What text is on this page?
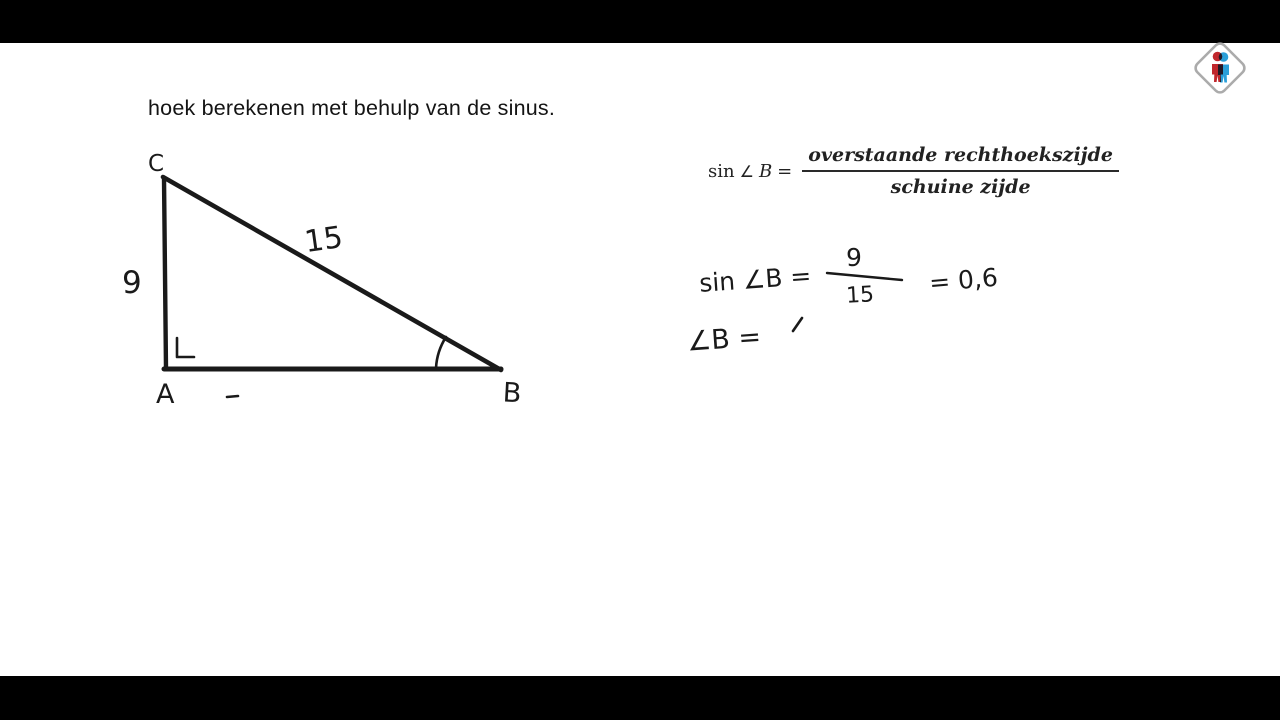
hoek berekenen met behulp van de sinus.
sin ∠ $B = \frac{\text{overstaande rechthoekszijde}}{\text{schuine zijde}}$
C
9
15
A	B
sin ∠B =
9
15 = 0,6
∠B =
